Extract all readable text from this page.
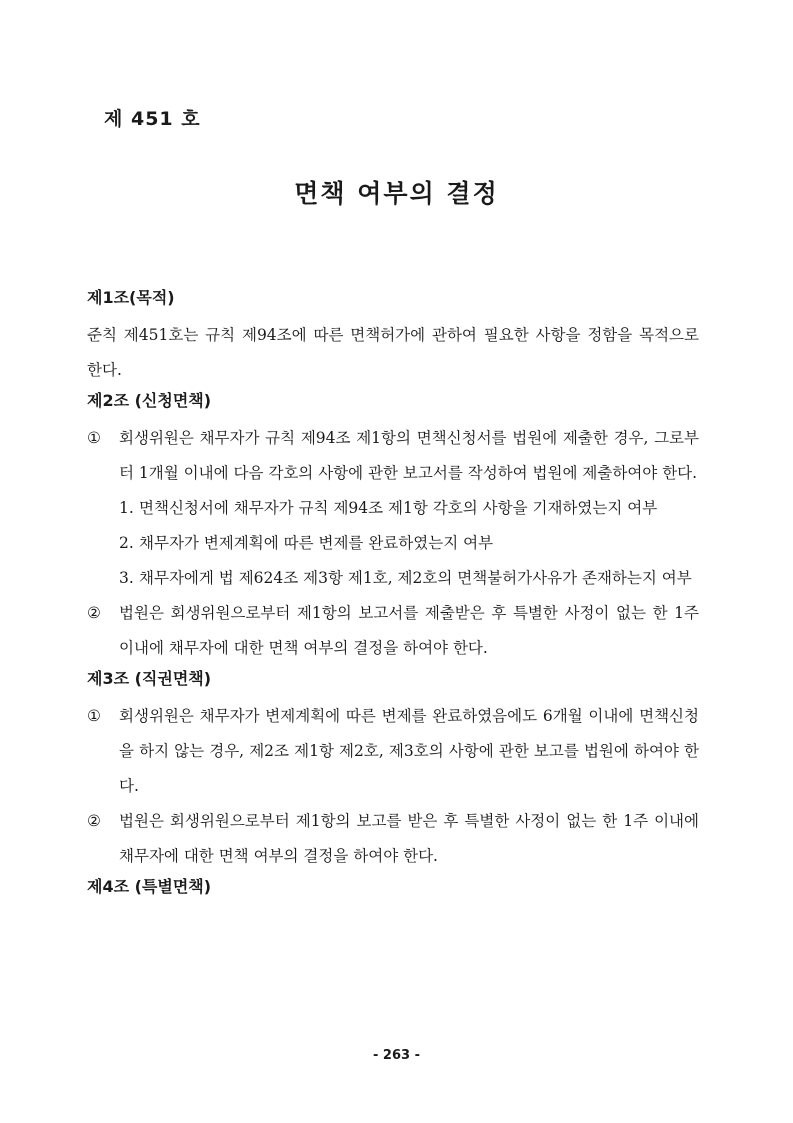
제 451 호
면책 여부의 결정
제1조(목적)
준칙 제451호는 규칙 제94조에 따른 면책허가에 관하여 필요한 사항을 정함을 목적으로 한다.
제2조 (신청면책)
①	회생위원은 채무자가 규칙 제94조 제1항의 면책신청서를 법원에 제출한 경우, 그로부터 1개월 이내에 다음 각호의 사항에 관한 보고서를 작성하여 법원에 제출하여야 한다.
1. 면책신청서에 채무자가 규칙 제94조 제1항 각호의 사항을 기재하였는지 여부
2. 채무자가 변제계획에 따른 변제를 완료하였는지 여부
3. 채무자에게 법 제624조 제3항 제1호, 제2호의 면책불허가사유가 존재하는지 여부
②	법원은 회생위원으로부터 제1항의 보고서를 제출받은 후 특별한 사정이 없는 한 1주 이내에 채무자에 대한 면책 여부의 결정을 하여야 한다.
제3조 (직권면책)
①	회생위원은 채무자가 변제계획에 따른 변제를 완료하였음에도 6개월 이내에 면책신청을 하지 않는 경우, 제2조 제1항 제2호, 제3호의 사항에 관한 보고를 법원에 하여야 한다.
②	법원은 회생위원으로부터 제1항의 보고를 받은 후 특별한 사정이 없는 한 1주 이내에 채무자에 대한 면책 여부의 결정을 하여야 한다.
제4조 (특별면책)
- 263 -
